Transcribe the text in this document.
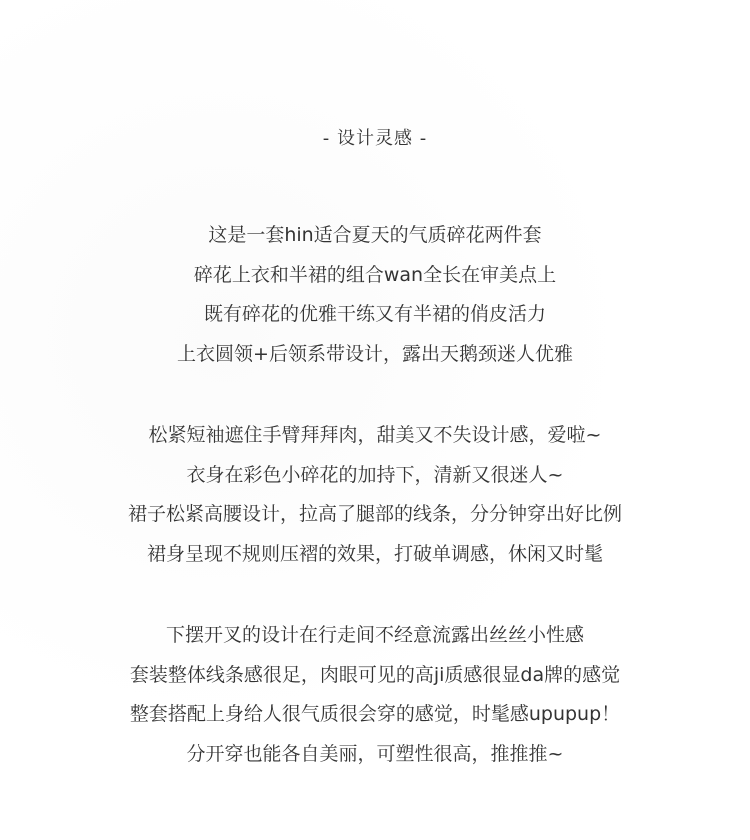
- 设计灵感 -
这是一套hin适合夏天的气质碎花两件套
碎花上衣和半裙的组合wan全长在审美点上
既有碎花的优雅干练又有半裙的俏皮活力
上衣圆领+后领系带设计，露出天鹅颈迷人优雅
松紧短袖遮住手臂拜拜肉，甜美又不失设计感，爱啦~
衣身在彩色小碎花的加持下，清新又很迷人~
裙子松紧高腰设计，拉高了腿部的线条，分分钟穿出好比例
裙身呈现不规则压褶的效果，打破单调感，休闲又时髦
下摆开叉的设计在行走间不经意流露出丝丝小性感
套装整体线条感很足，肉眼可见的高ji质感很显da牌的感觉
整套搭配上身给人很气质很会穿的感觉，时髦感upupup！
分开穿也能各自美丽，可塑性很高，推推推~
